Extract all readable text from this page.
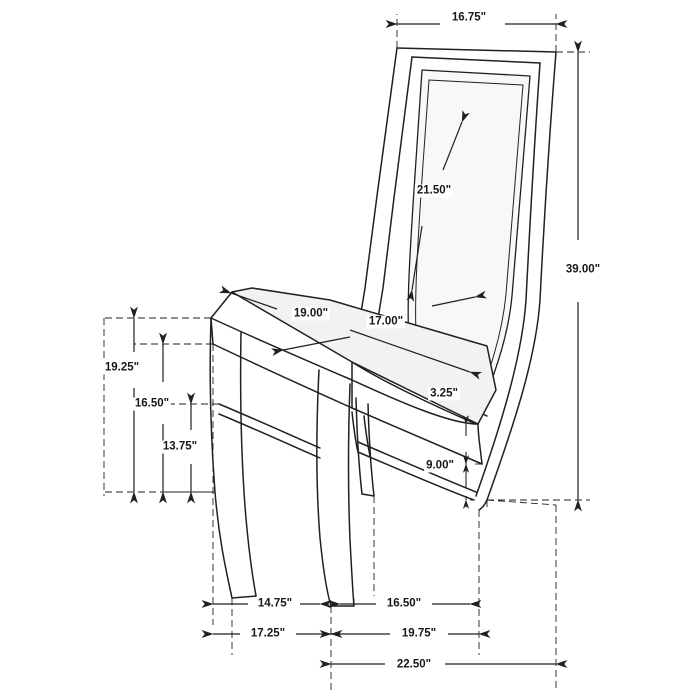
16.75"
39.00"
21.50"
19.00"
17.00"
19.25"
16.50"
13.75"
3.25"
9.00"
14.75"	16.50"
17.25"	19.75"
22.50"
